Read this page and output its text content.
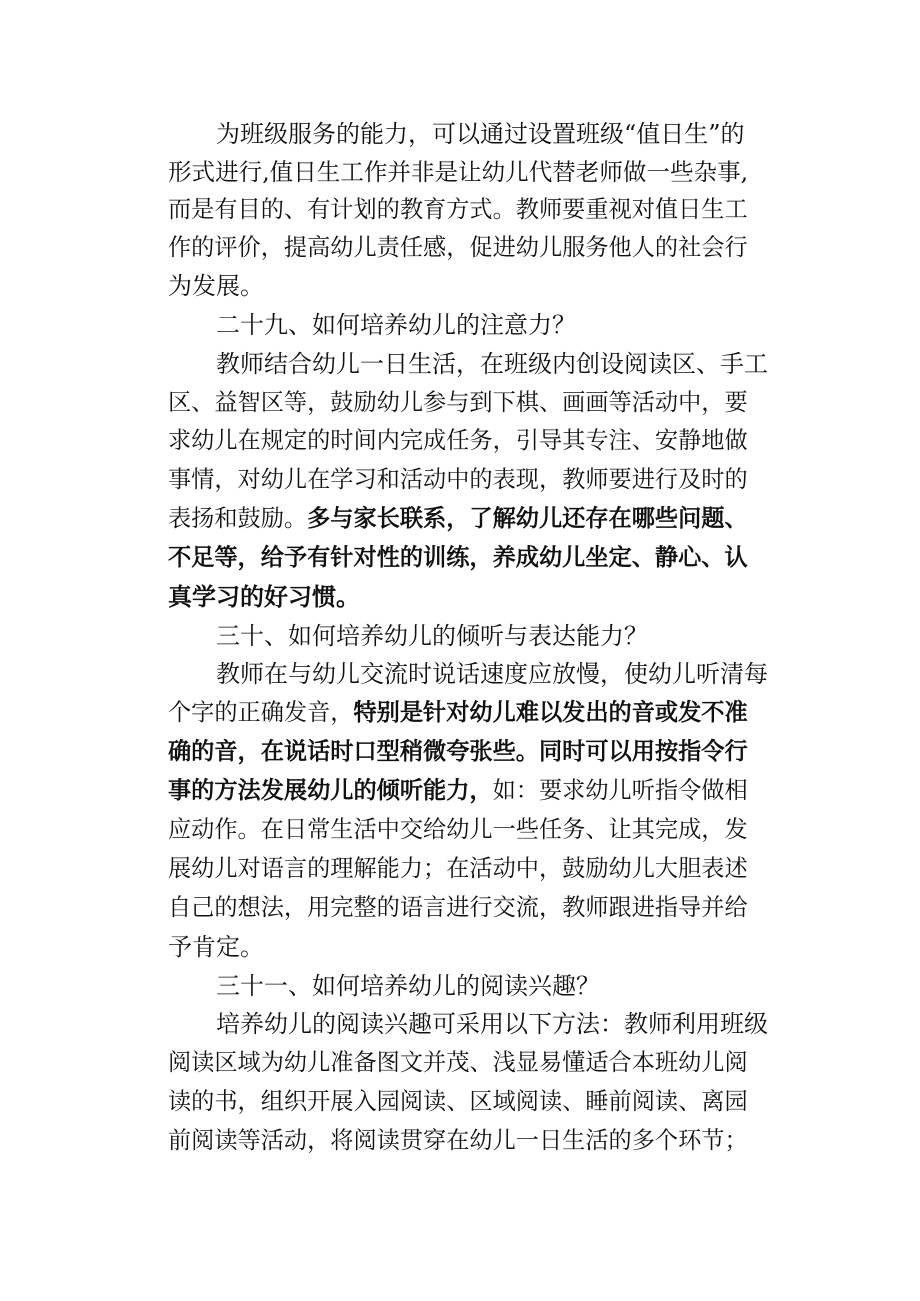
为班级服务的能力，可以通过设置班级“值日生”的
形式进行,值日生工作并非是让幼儿代替老师做一些杂事,
而是有目的、有计划的教育方式。教师要重视对值日生工
作的评价，提高幼儿责任感，促进幼儿服务他人的社会行
为发展。
二十九、如何培养幼儿的注意力？
教师结合幼儿一日生活，在班级内创设阅读区、手工
区、益智区等，鼓励幼儿参与到下棋、画画等活动中，要
求幼儿在规定的时间内完成任务，引导其专注、安静地做
事情，对幼儿在学习和活动中的表现，教师要进行及时的
表扬和鼓励。多与家长联系，了解幼儿还存在哪些问题、
不足等，给予有针对性的训练，养成幼儿坐定、静心、认
真学习的好习惯。
三十、如何培养幼儿的倾听与表达能力？
教师在与幼儿交流时说话速度应放慢，使幼儿听清每
个字的正确发音，特别是针对幼儿难以发出的音或发不准
确的音，在说话时口型稍微夸张些。同时可以用按指令行
事的方法发展幼儿的倾听能力，如：要求幼儿听指令做相
应动作。在日常生活中交给幼儿一些任务、让其完成，发
展幼儿对语言的理解能力；在活动中，鼓励幼儿大胆表述
自己的想法，用完整的语言进行交流，教师跟进指导并给
予肯定。
三十一、如何培养幼儿的阅读兴趣？
培养幼儿的阅读兴趣可采用以下方法：教师利用班级
阅读区域为幼儿准备图文并茂、浅显易懂适合本班幼儿阅
读的书，组织开展入园阅读、区域阅读、睡前阅读、离园
前阅读等活动，将阅读贯穿在幼儿一日生活的多个环节；
